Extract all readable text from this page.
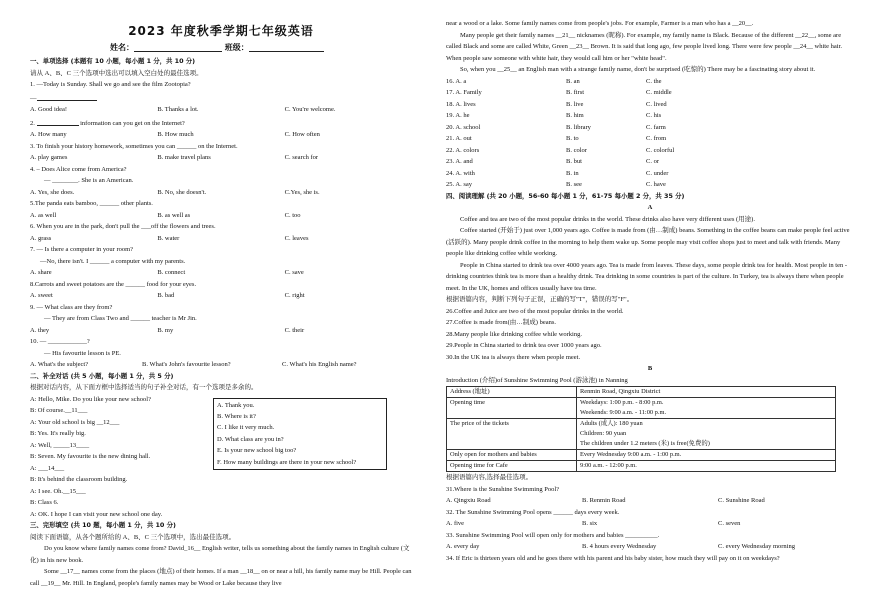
2023 年度秋季学期七年级英语
姓名：	班级：
一、单项选择 (本题有 10 小题，每小题 1 分，共 10 分)
请从 A、B、C 三个选项中选出可以填入空白处的最佳选项。
1. —Today is Sunday. Shall we go and see the film Zootopia?
—
A. Good idea!	B. Thanks a lot.	C. You're welcome.
2.	information can you get on the Internet?
A. How many	B. How much	C. How often
3. To finish your history homework, sometimes you can ______ on the Internet.
A. play games	B. make travel plans	C. search for
4. – Does Alice come from America?
— ________. She is an American.
A. Yes, she does.	B. No, she doesn't.	C.Yes, she is.
5.The panda eats bamboo, ______ other plants.
A. as well	B. as well as	C. too
6. When you are in the park, don't pull the ___off the flowers and trees.
A. grass	B. water	C. leaves
7. — Is there a computer in your room?
—No, there isn't. I ______ a computer with my parents.
A. share	B. connect	C. save
8.Carrots and sweet potatoes are the ______ food for your eyes.
A. sweet	B. bad	C. right
9. — What class are they from?
— They are from Class Two and ______ teacher is Mr Jin.
A. they	B. my	C. their
10. — ____________?
— His favourite lesson is PE.
A. What's the subject?	B. What's John's favourite lesson?	C. What's his English name?
二、补全对话 (共 5 小题，每小题 1 分，共 5 分)
根据对话内容，从下面方框中选择适当的句子补全对话，有一个选项是多余的。
A: Hello, Mike. Do you like your new school?
B: Of course.__11___
A: Your old school is big __12___
B: Yes. It's really big.
A: Well, _____13____
B: Seven. My favourite is the new dining hall.
A: ___14___
B: It's behind the classroom building.
A: I see. Oh.__15___
B: Class 6.
A: OK. I hope I can visit your new school one day.
A. Thank you.
B. Where is it?
C. I like it very much.
D. What class are you in?
E. Is your new school big too?
F. How many buildings are there in your new school?
三、完形填空 (共 10 题，每小题 1 分，共 10 分)
阅读下面语篇，从各个题所给的 A、B、C 三个选项中，选出最佳选项。
Do you know where family names come from? David_16__ English writer, tells us something about the family names in English culture (文化) in his new book.
Some __17__ names come from the places (地点) of their homes. If a man __18__ on or near a hill, his family name may be Hill. People can call __19__ Mr. Hill. In England, people's family names may be Wood or Lake because they live
near a wood or a lake. Some family names come from people's jobs. For example, Farmer is a man who has a __20__.
Many people get their family names __21__ nicknames (昵称). For example, my family name is Black. Because of the different __22__, some are called Black and some are called White, Green __23__ Brown. It is said that long ago, few people lived long. There were few people __24__ white hair. When people saw someone with white hair, they would call him or her "white head".
So, when you __25__ an English man with a strange family name, don't be surprised (吃惊的) There may be a fascinating story about it.
16. A. a	B. an	C. the
17. A. Family	B. first	C. middle
18. A. lives	B. live	C. lived
19. A. he	B. him	C. his
20. A. school	B. library	C. farm
21. A. out	B. to	C. from
22. A. colors	B. color	C. colorful
23. A. and	B. but	C. or
24. A. with	B. in	C. under
25. A. say	B. see	C. have
四、阅读理解 (共 20 小题，56-60 每小题 1 分，61-75 每小题 2 分，共 35 分)
A
Coffee and tea are two of the most popular drinks in the world. These drinks also have very different uses (用途).
Coffee started (开始于) just over 1,000 years ago. Coffee is made from (由…制成) beans. Something in the coffee beans can make people feel active (活跃的). Many people drink coffee in the morning to help them wake up. Some people may visit coffee shops just to meet and talk with friends. Many people like drinking coffee while working.
People in China started to drink tea over 4000 years ago. Tea is made from leaves. These days, some people drink tea for health. Most people in ten - drinking countries think tea is more than a healthy drink. Tea drinking in some countries is part of the culture. In Turkey, tea is always there when people meet. In the UK, homes and offices usually have tea time.
根据语篇内容，判断下列句子正误，正确的写"T"，错误的写"F"。
26.Coffee and Juice are two of the most popular drinks in the world.
27.Coffee is made from(由…制成) beans.
28.Many people like drinking coffee while working.
29.People in China started to drink tea over 1000 years ago.
30.In the UK tea is always there when people meet.
B
Introduction (介绍)of Sunshine Swimming Pool (游泳池) in Nanning
Address (地址)	Renmin Road, Qingxiu District

Opening time	Weekdays: 1:00 p.m. - 8:00 p.m.
Weekends: 9:00 a.m. - 11:00 p.m.

The price of the tickets	Adults (成人): 180 yuan
Children: 90 yuan
The children under 1.2 meters (米) is free(免费的)

Only open for mothers and babies	Every Wednesday 9:00 a.m. - 1:00 p.m.

Opening time for Cafe	9:00 a.m. - 12:00 p.m.
根据语篇内容,选择最佳选项。
31.Where is the Sunshine Swimming Pool?
A. Qingxiu Road	B. Renmin Road	C. Sunshine Road
32. The Sunshine Swimming Pool opens ______ days every week.
A. five	B. six	C. seven
33. Sunshine Swimming Pool will open only for mothers and babies __________.
A. every day	B. 4 hours every Wednesday	C. every Wednesday morning
34. If Eric is thirteen years old and he goes there with his parent and his baby sister, how much they will pay on it on weekdays?
